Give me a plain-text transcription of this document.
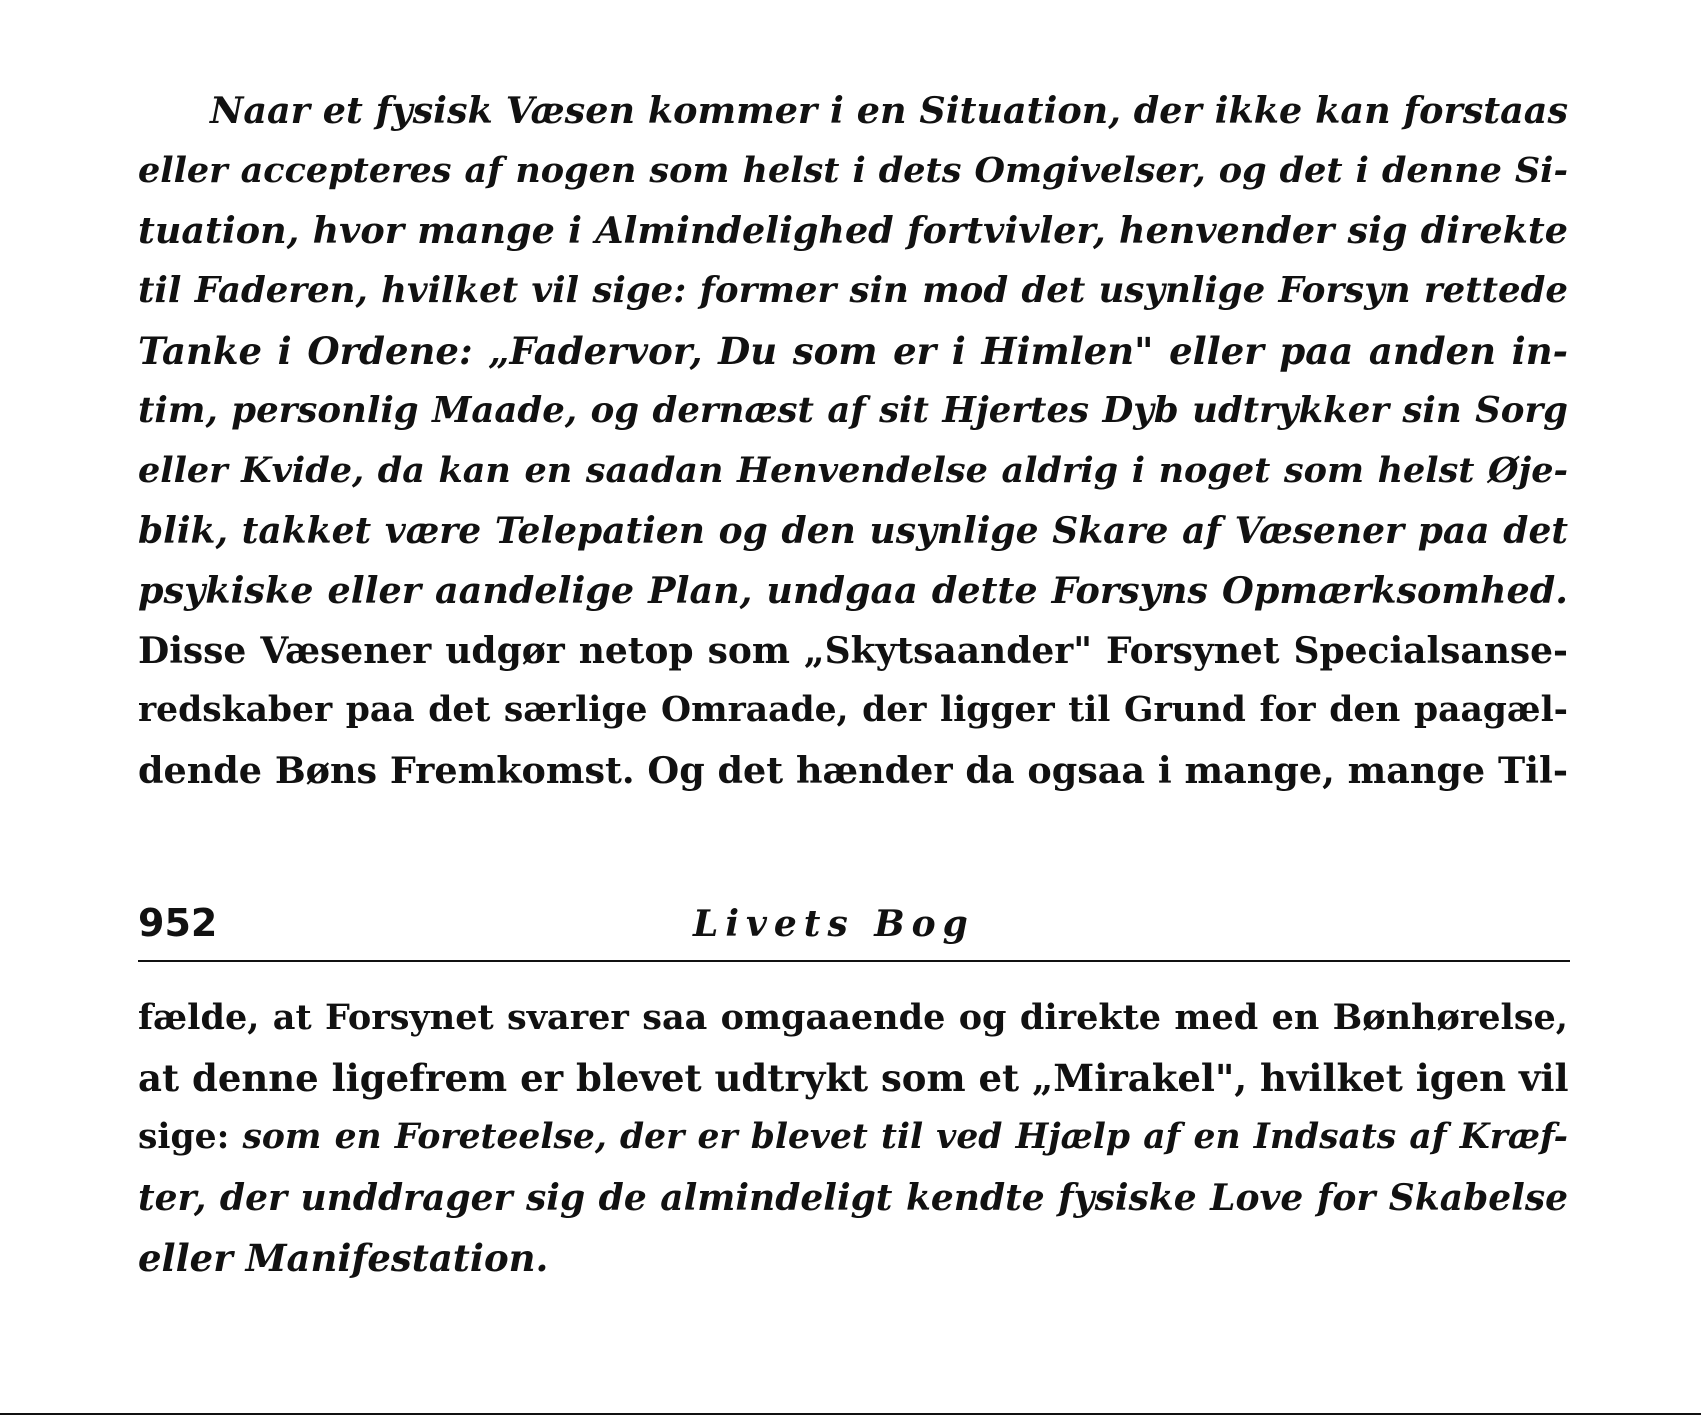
Naar et fysisk Væsen kommer i en Situation, der ikke kan forstaas
eller accepteres af nogen som helst i dets Omgivelser, og det i denne Si-
tuation, hvor mange i Almindelighed fortvivler, henvender sig direkte
til Faderen, hvilket vil sige: former sin mod det usynlige Forsyn rettede
Tanke i Ordene: „Fadervor, Du som er i Himlen" eller paa anden in-
tim, personlig Maade, og dernæst af sit Hjertes Dyb udtrykker sin Sorg
eller Kvide, da kan en saadan Henvendelse aldrig i noget som helst Øje-
blik, takket være Telepatien og den usynlige Skare af Væsener paa det
psykiske eller aandelige Plan, undgaa dette Forsyns Opmærksomhed.
Disse Væsener udgør netop som „Skytsaander" Forsynet Specialsanse-
redskaber paa det særlige Omraade, der ligger til Grund for den paagæl-
dende Bøns Fremkomst. Og det hænder da ogsaa i mange, mange Til-
952	Livets Bog
fælde, at Forsynet svarer saa omgaaende og direkte med en Bønhørelse,
at denne ligefrem er blevet udtrykt som et „Mirakel", hvilket igen vil
sige: som en Foreteelse, der er blevet til ved Hjælp af en Indsats af Kræf-
ter, der unddrager sig de almindeligt kendte fysiske Love for Skabelse
eller Manifestation.
